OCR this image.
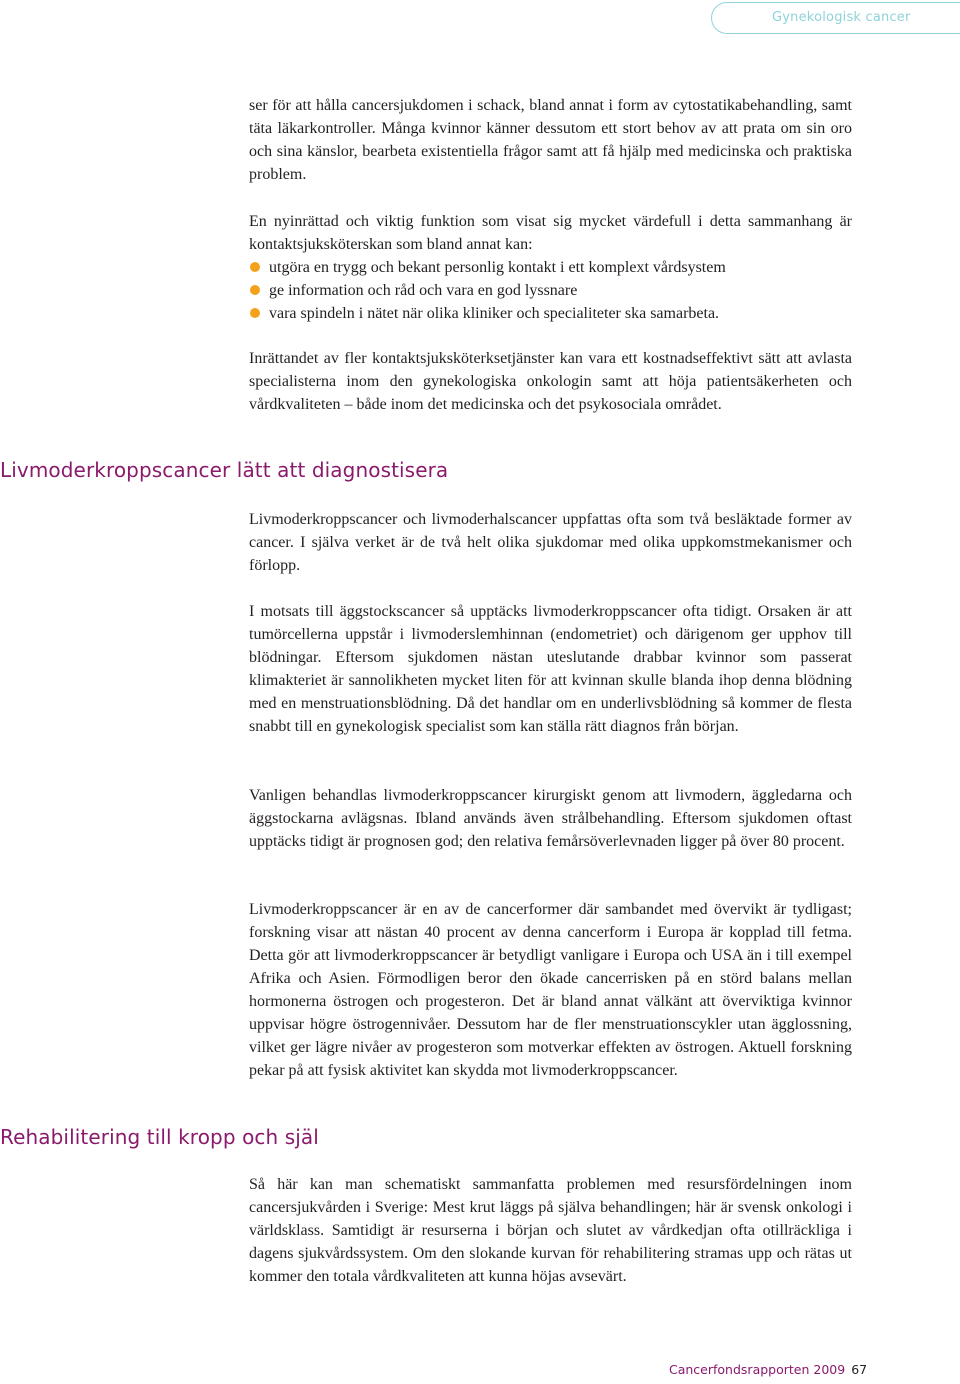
Gynekologisk cancer

ser för att hålla cancersjukdomen i schack, bland annat i form av cytostatikabehandling, samt täta läkarkontroller. Många kvinnor känner dessutom ett stort behov av att prata om sin oro och sina känslor, bearbeta existentiella frågor samt att få hjälp med medicinska och praktiska problem.

En nyinrättad och viktig funktion som visat sig mycket värdefull i detta sammanhang är kontaktsjuksköterskan som bland annat kan:
utgöra en trygg och bekant personlig kontakt i ett komplext vårdsystem
ge information och råd och vara en god lyssnare
vara spindeln i nätet när olika kliniker och specialiteter ska samarbeta.

Inrättandet av fler kontaktsjuksköterksetjänster kan vara ett kostnadseffektivt sätt att avlasta specialisterna inom den gynekologiska onkologin samt att höja patientsäkerheten och vårdkvaliteten – både inom det medicinska och det psykosociala området.

Livmoderkroppscancer lätt att diagnostisera

Livmoderkroppscancer och livmoderhalscancer uppfattas ofta som två besläktade former av cancer. I själva verket är de två helt olika sjukdomar med olika uppkomstmekanismer och förlopp.

I motsats till äggstockscancer så upptäcks livmoderkroppscancer ofta tidigt. Orsaken är att tumörcellerna uppstår i livmoderslemhinnan (endometriet) och därigenom ger upphov till blödningar. Eftersom sjukdomen nästan uteslutande drabbar kvinnor som passerat klimakteriet är sannolikheten mycket liten för att kvinnan skulle blanda ihop denna blödning med en menstruationsblödning. Då det handlar om en underlivsblödning så kommer de flesta snabbt till en gynekologisk specialist som kan ställa rätt diagnos från början.

Vanligen behandlas livmoderkroppscancer kirurgiskt genom att livmodern, äggledarna och äggstockarna avlägsnas. Ibland används även strålbehandling. Eftersom sjukdomen oftast upptäcks tidigt är prognosen god; den relativa femårsöverlevnaden ligger på över 80 procent.

Livmoderkroppscancer är en av de cancerformer där sambandet med övervikt är tydligast; forskning visar att nästan 40 procent av denna cancerform i Europa är kopplad till fetma. Detta gör att livmoderkroppscancer är betydligt vanligare i Europa och USA än i till exempel Afrika och Asien. Förmodligen beror den ökade cancerrisken på en störd balans mellan hormonerna östrogen och progesteron. Det är bland annat välkänt att överviktiga kvinnor uppvisar högre östrogennivåer. Dessutom har de fler menstruationscykler utan ägglossning, vilket ger lägre nivåer av progesteron som motverkar effekten av östrogen. Aktuell forskning pekar på att fysisk aktivitet kan skydda mot livmoderkroppscancer.

Rehabilitering till kropp och själ

Så här kan man schematiskt sammanfatta problemen med resursfördelningen inom cancersjukvården i Sverige: Mest krut läggs på själva behandlingen; här är svensk onkologi i världsklass. Samtidigt är resurserna i början och slutet av vårdkedjan ofta otillräckliga i dagens sjukvårdssystem. Om den slokande kurvan för rehabilitering stramas upp och rätas ut kommer den totala vårdkvaliteten att kunna höjas avsevärt.

Cancerfondsrapporten 2009 67
